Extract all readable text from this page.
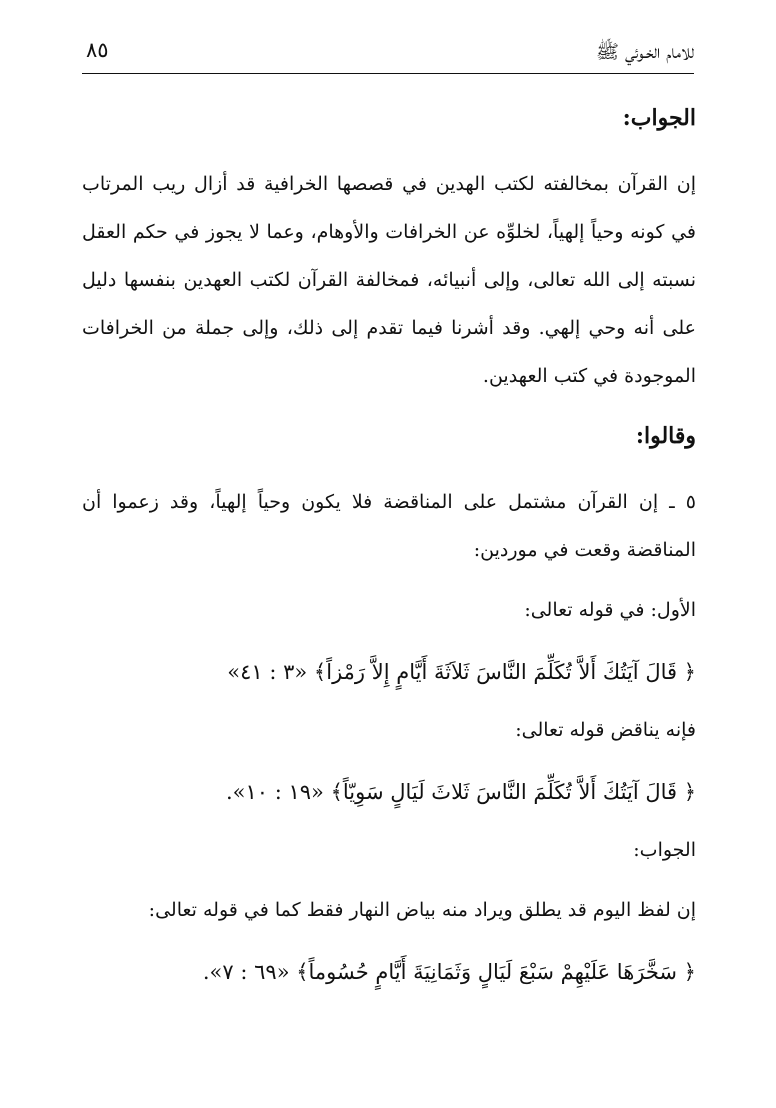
للامام الخـوئي ﷺ
٨٥
الجواب:
إن القرآن بمخالفته لكتب الهدين في قصصها الخرافية قد أزال ريب المرتاب في كونه وحياً إلهياً، لخلوِّه عن الخرافات والأوهام، وعما لا يجوز في حكم العقل نسبته إلى الله تعالى، وإلى أنبيائه، فمخالفة القرآن لكتب العهدين بنفسها دليل على أنه وحي إلهي. وقد أشرنا فيما تقدم إلى ذلك، وإلى جملة من الخرافات الموجودة في كتب العهدين.
وقالوا:
٥ ـ إن القرآن مشتمل على المناقضة فلا يكون وحياً إلهياً، وقد زعموا أن المناقضة وقعت في موردين:
الأول: في قوله تعالى:
﴿ قَالَ آيَتُكَ أَلاَّ تُكَلِّمَ النَّاسَ ثَلاَثَةَ أَيَّامٍ إِلاَّ رَمْزاً﴾ «٣ : ٤١»
فإنه يناقض قوله تعالى:
﴿ قَالَ آيَتُكَ أَلاَّ تُكَلِّمَ النَّاسَ ثَلاثَ لَيَالٍ سَوِيّاً﴾ «١٩ : ١٠».
الجواب:
إن لفظ اليوم قد يطلق ويراد منه بياض النهار فقط كما في قوله تعالى:
﴿ سَخَّرَهَا عَلَيْهِمْ سَبْعَ لَيَالٍ وَثَمَانِيَةَ أَيَّامٍ حُسُوماً﴾ «٦٩ : ٧».
